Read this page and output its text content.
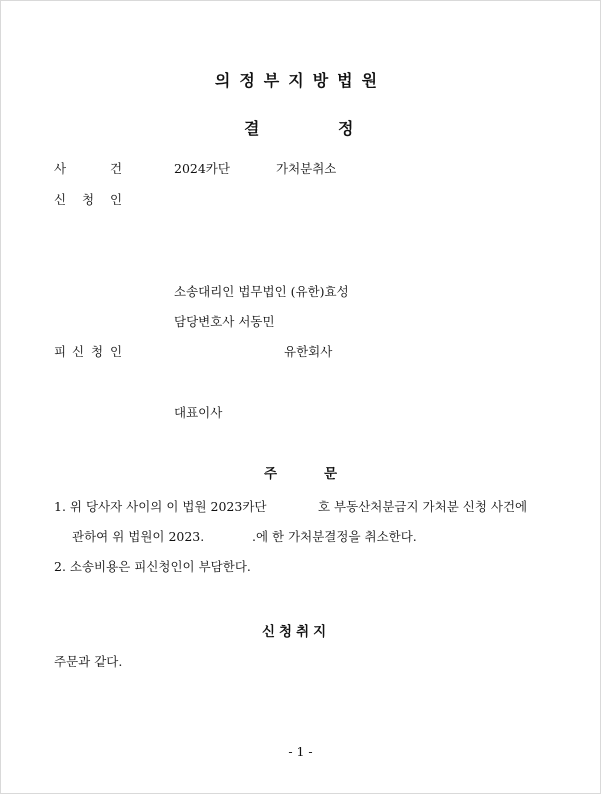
의정부지방법원
결	정
사	건	2024카단	가처분취소
신 청 인
소송대리인 법무법인 (유한)효성
담당변호사 서동민
피 신 청 인	유한회사
대표이사
주	문
1. 위 당사자 사이의 이 법원 2023카단	호 부동산처분금지 가처분 신청 사건에
관하여 위 법원이 2023.	.에 한 가처분결정을 취소한다.
2. 소송비용은 피신청인이 부담한다.
신청취지
주문과 같다.
- 1 -
